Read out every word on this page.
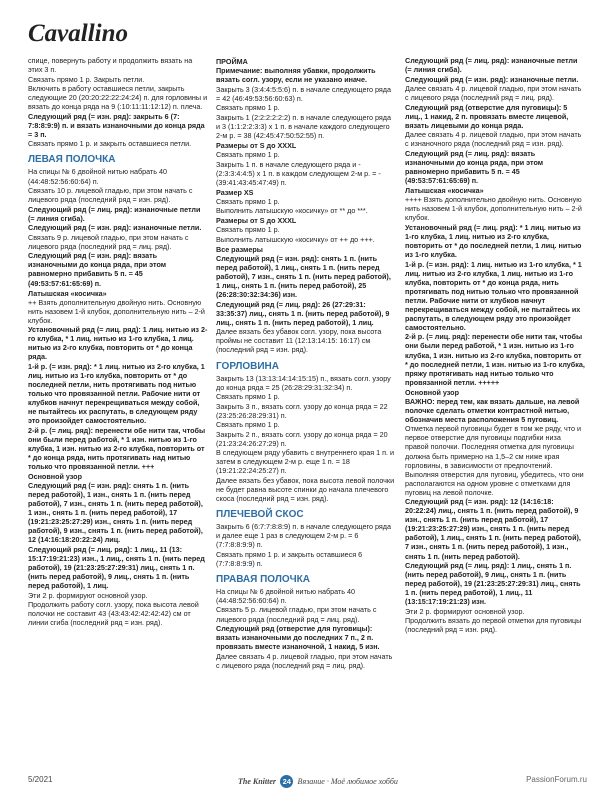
Cavallino

спице, повернуть работу и продолжить вязать на этих 3 п.

Связать прямо 1 р. Закрыть петли.

Включить в работу оставшиеся петли, закрыть следующие 20 (20:20:22:22:24:24) п. для горловины и вязать до конца ряда на 9 (:10:11:11:12:12) п. плеча.

Следующий ряд (= изн. ряд): закрыть 6 (7: 7:8:8:9:9) п. и вязать изнаночными до конца ряда = 3 п.

Связать прямо 1 р. и закрыть оставшиеся петли.

ЛЕВАЯ ПОЛОЧКА

На спицы № 6 двойной нитью набрать 40 (44:48:52:56:60:64) п.

Связать 10 р. лицевой гладью, при этом начать с лицевого ряда (последний ряд = изн. ряд).

Следующий ряд (= лиц. ряд): изнаночные петли (= линия сгиба).

Следующий ряд (= изн. ряд): изнаночные петли.

Связать 9 р. лицевой гладью, при этом начать с лицевого ряда (последний ряд = лиц. ряд).

Следующий ряд (= изн. ряд): вязать изнаночными до конца ряда, при этом равномерно прибавить 5 п. = 45 (49:53:57:61:65:69) п.

Латышская «косичка»

++ Взять дополнительную двойную нить. Основную нить назовем 1-й клубок, дополнительную нить – 2-й клубок.

Установочный ряд (= лиц. ряд): 1 лиц. нитью из 2-го клубка, * 1 лиц. нитью из 1-го клубка, 1 лиц. нитью из 2-го клубка, повторить от * до конца ряда.

1-й р. (= изн. ряд): * 1 лиц. нитью из 2-го клубка, 1 лиц. нитью из 1-го клубка, повторить от * до последней петли, нить протягивать под нитью только что провязанной петли. Рабочие нити от клубков начнут перекрещиваться между собой, не пытайтесь их распутать, в следующем ряду это произойдет самостоятельно.

2-й р. (= лиц. ряд): перенести обе нити так, чтобы они были перед работой, * 1 изн. нитью из 1-го клубка, 1 изн. нитью из 2-го клубка, повторить от * до конца ряда, нить протягивать над нитью только что провязанной петли. +++

Основной узор

Следующий ряд (= изн. ряд): снять 1 п. (нить перед работой), 1 изн., снять 1 п. (нить перед работой), 7 изн., снять 1 п. (нить перед работой), 1 изн., снять 1 п. (нить перед работой), 17 (19:21:23:25:27:29) изн., снять 1 п. (нить перед работой), 9 изн., снять 1 п. (нить перед работой), 12 (14:16:18:20:22:24) лиц.

Следующий ряд (= лиц. ряд): 1 лиц., 11 (13: 15:17:19:21:23) изн., 1 лиц., снять 1 п. (нить перед работой), 19 (21:23:25:27:29:31) лиц., снять 1 п. (нить перед работой), 9 лиц., снять 1 п. (нить перед работой), 1 лиц.

Эти 2 р. формируют основной узор.

Продолжить работу согл. узору, пока высота левой полочки не составит 43 (43:43:42:42:42:42) см от линии сгиба (последний ряд = изн. ряд).

ПРОЙМА

Примечание: выполняя убавки, продолжить вязать согл. узору, если не указано иначе.

Закрыть 3 (3:4:4:5:5:6) п. в начале следующего ряда = 42 (46:49:53:56:60:63) п.

Связать прямо 1 р.

Закрыть 1 (2:2:2:2:2:2) п. в начале следующего ряда и 3 (1:1:2:2:3:3) x 1 п. в начале каждого следующего 2-м р. = 38 (42:45:47:50:52:55) п.

Размеры от S до XXXL

Связать прямо 1 р.

Закрыть 1 п. в начале следующего ряда и - (2:3:3:4:4:5) x 1 п. в каждом следующем 2-м р. = - (39:41:43:45:47:49) п.

Размер XS

Связать прямо 1 р.

Выполнить латышскую «косичку» от ** до ***.

Размеры от S до XXXL

Связать прямо 1 р.

Выполнить латышскую «косичку» от ++ до +++.

Все размеры

Следующий ряд (= изн. ряд): снять 1 п. (нить перед работой), 1 лиц., снять 1 п. (нить перед работой), 7 изн., снять 1 п. (нить перед работой), 1 лиц., снять 1 п. (нить перед работой), 25 (26:28:30:32:34:36) изн.

Следующий ряд (= лиц. ряд): 26 (27:29:31: 33:35:37) лиц., снять 1 п. (нить перед работой), 9 лиц., снять 1 п. (нить перед работой), 1 лиц.

Далее вязать без убавок согл. узору, пока высота проймы не составит 11 (12:13:14:15: 16:17) см (последний ряд = изн. ряд).

ГОРЛОВИНА

Закрыть 13 (13:13:14:14:15:15) п., вязать согл. узору до конца ряда = 25 (26:28:29:31:32:34) п.

Связать прямо 1 р.

Закрыть 3 п., вязать согл. узору до конца ряда = 22 (23:25:26:28:29:31) п.

Связать прямо 1 р.

Закрыть 2 п., вязать согл. узору до конца ряда = 20 (21:23:24:26:27:29) п.

В следующем ряду убавить с внутреннего края 1 п. и затем в следующем 2-м р. еще 1 п. = 18 (19:21:22:24:25:27) п.

Далее вязать без убавок, пока высота левой полочки не будет равна высоте спинки до начала плечевого скоса (последний ряд = изн. ряд).

ПЛЕЧЕВОЙ СКОС

Закрыть 6 (6:7:7:8:8:9) п. в начале следующего ряда и далее еще 1 раз в следующем 2-м р. = 6 (7:7:8:8:9:9) п.

Связать прямо 1 р. и закрыть оставшиеся 6 (7:7:8:8:9:9) п.

ПРАВАЯ ПОЛОЧКА

На спицы № 6 двойной нитью набрать 40 (44:48:52:56:60:64) п.

Связать 5 р. лицевой гладью, при этом начать с лицевого ряда (последний ряд = лиц. ряд).

Следующий ряд (отверстие для пуговицы): вязать изнаночными до последних 7 п., 2 п. провязать вместе изнаночной, 1 накид, 5 изн.

Далее связать 4 р. лицевой гладью, при этом начать с лицевого ряда (последний ряд = лиц. ряд).

Следующий ряд (= лиц. ряд): изнаночные петли (= линия сгиба).

Следующий ряд (= изн. ряд): изнаночные петли.

Далее связать 4 р. лицевой гладью, при этом начать с лицевого ряда (последний ряд = лиц. ряд).

Следующий ряд (отверстие для пуговицы): 5 лиц., 1 накид, 2 п. провязать вместе лицевой, вязать лицевыми до конца ряда.

Далее связать 4 р. лицевой гладью, при этом начать с изнаночного ряда (последний ряд = изн. ряд).

Следующий ряд (= лиц. ряд): вязать изнаночными до конца ряда, при этом равномерно прибавить 5 п. = 45 (49:53:57:61:65:69) п.

Латышская «косичка»

++++ Взять дополнительно двойную нить. Основную нить назовем 1-й клубок, дополнительную нить – 2-й клубок.

Установочный ряд (= лиц. ряд): * 1 лиц. нитью из 1-го клубка, 1 лиц. нитью из 2-го клубка, повторить от * до последней петли, 1 лиц. нитью из 1-го клубка.

1-й р. (= изн. ряд): 1 лиц. нитью из 1-го клубка, * 1 лиц. нитью из 2-го клубка, 1 лиц. нитью из 1-го клубка, повторить от * до конца ряда, нить протягивать под нитью только что провязанной петли. Рабочие нити от клубков начнут перекрещиваться между собой, не пытайтесь их распутать, в следующем ряду это произойдет самостоятельно.

2-й р. (= лиц. ряд): перенести обе нити так, чтобы они были перед работой, * 1 изн. нитью из 1-го клубка, 1 изн. нитью из 2-го клубка, повторить от * до последней петли, 1 изн. нитью из 1-го клубка, пряжу протягивать над нитью только что провязанной петли. +++++

Основной узор

ВАЖНО: перед тем, как вязать дальше, на левой полочке сделать отметки контрастной нитью, обозначив места расположения 5 пуговиц.

Отметка первой пуговицы будет в том же ряду, что и первое отверстие для пуговицы подгибки низа правой полочки. Последняя отметка для пуговицы должна быть примерно на 1,5–2 см ниже края горловины, в зависимости от предпочтений. Выполняя отверстия для пуговиц, убедитесь, что они располагаются на одном уровне с отметками для пуговиц на левой полочке.

Следующий ряд (= изн. ряд): 12 (14:16:18: 20:22:24) лиц., снять 1 п. (нить перед работой), 9 изн., снять 1 п. (нить перед работой), 17 (19:21:23:25:27:29) изн., снять 1 п. (нить перед работой), 1 лиц., снять 1 п. (нить перед работой), 7 изн., снять 1 п. (нить перед работой), 1 изн., снять 1 п. (нить перед работой).

Следующий ряд (= лиц. ряд): 1 лиц., снять 1 п. (нить перед работой), 9 лиц., снять 1 п. (нить перед работой), 19 (21:23:25:27:29:31) лиц., снять 1 п. (нить перед работой), 1 лиц., 11 (13:15:17:19:21:23) изн.

Эти 2 р. формируют основной узор.

Продолжить вязать до первой отметки для пуговицы (последний ряд = изн. ряд).

5/2021	The Knitter 24 Вязание · Моё любимое хобби	PassionForum.ru
